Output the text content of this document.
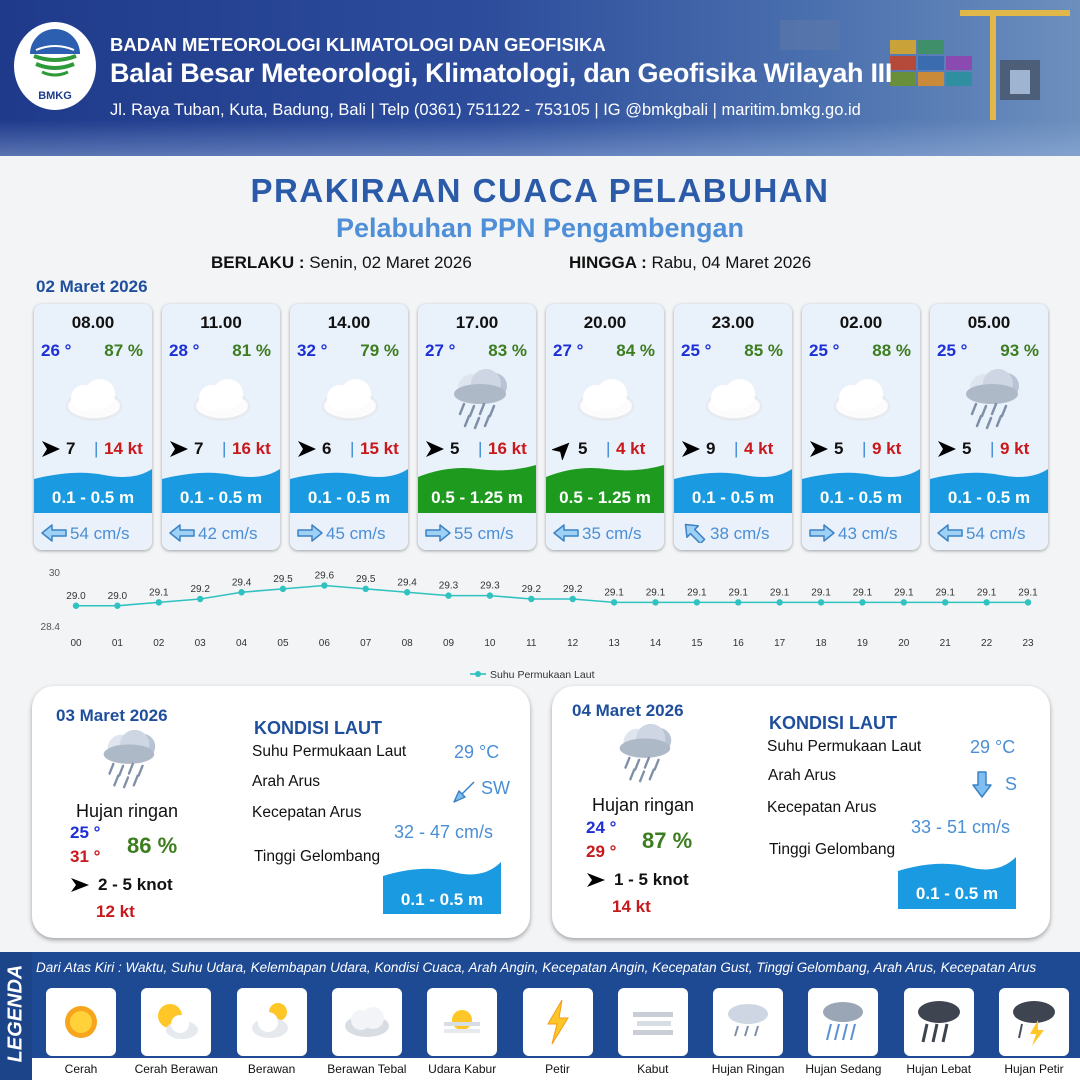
BMKG
BADAN METEOROLOGI KLIMATOLOGI DAN GEOFISIKA
Balai Besar Meteorologi, Klimatologi, dan Geofisika Wilayah III
Jl. Raya Tuban, Kuta, Badung, Bali | Telp (0361) 751122 - 753105 | IG @bmkgbali | maritim.bmkg.go.id
PRAKIRAAN CUACA PELABUHAN
Pelabuhan PPN Pengambengan
BERLAKU : Senin, 02 Maret 2026	HINGGA : Rabu, 04 Maret 2026
02 Maret 2026
08.00
26 ° 87 %
7 | 14 kt
0.1 - 0.5 m
54 cm/s
11.00
28 ° 81 %
7 | 16 kt
0.1 - 0.5 m
42 cm/s
14.00
32 ° 79 %
6 | 15 kt
0.1 - 0.5 m
45 cm/s
17.00
27 ° 83 %
5 | 16 kt
0.5 - 1.25 m
55 cm/s
20.00
27 ° 84 %
5 | 4 kt
0.5 - 1.25 m
35 cm/s
23.00
25 ° 85 %
9 | 4 kt
0.1 - 0.5 m
38 cm/s
02.00
25 ° 88 %
5 | 9 kt
0.1 - 0.5 m
43 cm/s
05.00
25 ° 93 %
5 | 9 kt
0.1 - 0.5 m
54 cm/s
30
28.4
29.0
00
29.0
01
29.1
02
29.2
03
29.4
04
29.5
05
29.6
06
29.5
07
29.4
08
29.3
09
29.3
10
29.2
11
29.2
12
29.1
13
29.1
14
29.1
15
29.1
16
29.1
17
29.1
18
29.1
19
29.1
20
29.1
21
29.1
22
29.1
23
Suhu Permukaan Laut
03 Maret 2026
Hujan ringan
25 °
31 ° 86 %
2 - 5 knot
12 kt
KONDISI LAUT
Suhu Permukaan Laut	29 °C
Arah Arus	SW
Kecepatan Arus
32 - 47 cm/s
Tinggi Gelombang
0.1 - 0.5 m
04 Maret 2026
Hujan ringan
24 °
29 ° 87 %
1 - 5 knot
14 kt
KONDISI LAUT
Suhu Permukaan Laut	29 °C
Arah Arus	S
Kecepatan Arus
33 - 51 cm/s
Tinggi Gelombang
0.1 - 0.5 m
LEGENDA Dari Atas Kiri : Waktu, Suhu Udara, Kelembapan Udara, Kondisi Cuaca, Arah Angin, Kecepatan Angin, Kecepatan Gust, Tinggi Gelombang, Arah Arus, Kecepatan Arus
Cerah	Cerah Berawan	Berawan	Berawan Tebal	Udara Kabur	Petir	Kabut	Hujan Ringan	Hujan Sedang	Hujan Lebat	Hujan Petir
